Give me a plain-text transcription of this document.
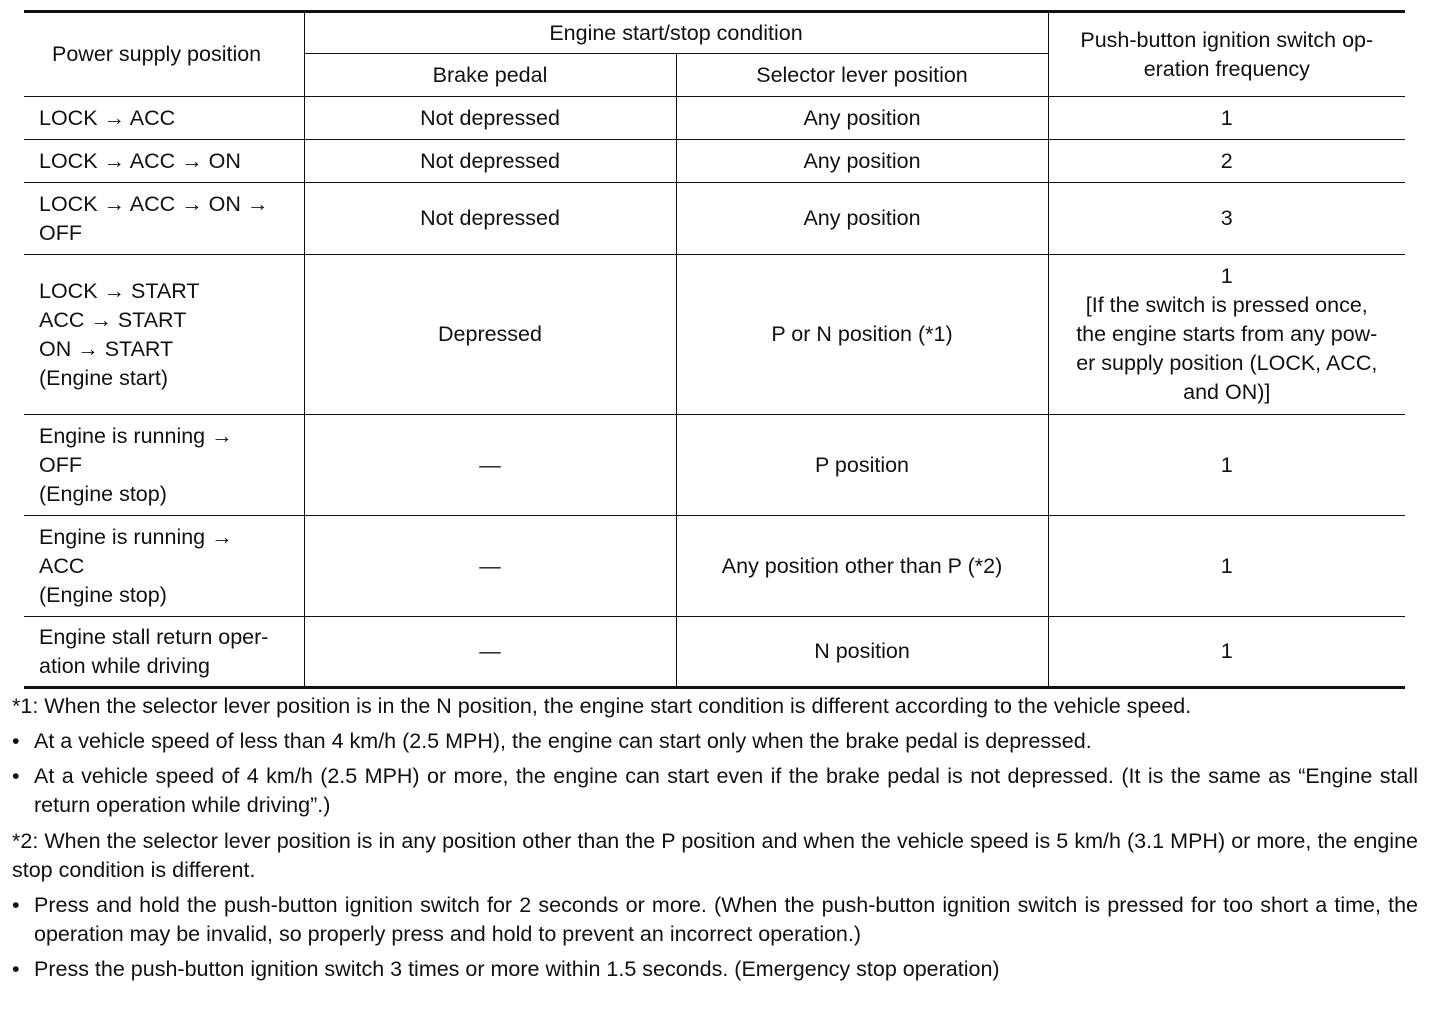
Power supply position	Engine start/stop condition		Push-button ignition switch op-
eration frequency
	Brake pedal	Selector lever position	
LOCK → ACC	Not depressed	Any position	1
LOCK → ACC → ON	Not depressed	Any position	2
LOCK → ACC → ON →
OFF	Not depressed	Any position	3
LOCK → START
ACC → START
ON → START
(Engine start)	Depressed	P or N position (*1)	1
[If the switch is pressed once,
the engine starts from any pow-
er supply position (LOCK, ACC,
and ON)]
Engine is running →
OFF
(Engine stop)	—	P position	1
Engine is running →
ACC
(Engine stop)	—	Any position other than P (*2)	1
Engine stall return oper-
ation while driving	—	N position	1

*1: When the selector lever position is in the N position, the engine start condition is different according to the vehicle speed.

• At a vehicle speed of less than 4 km/h (2.5 MPH), the engine can start only when the brake pedal is depressed.
• At a vehicle speed of 4 km/h (2.5 MPH) or more, the engine can start even if the brake pedal is not depressed. (It is the same as “Engine stall return operation while driving”.)

*2: When the selector lever position is in any position other than the P position and when the vehicle speed is 5 km/h (3.1 MPH) or more, the engine stop condition is different.

• Press and hold the push-button ignition switch for 2 seconds or more. (When the push-button ignition switch is pressed for too short a time, the operation may be invalid, so properly press and hold to prevent an incorrect operation.)
• Press the push-button ignition switch 3 times or more within 1.5 seconds. (Emergency stop operation)
